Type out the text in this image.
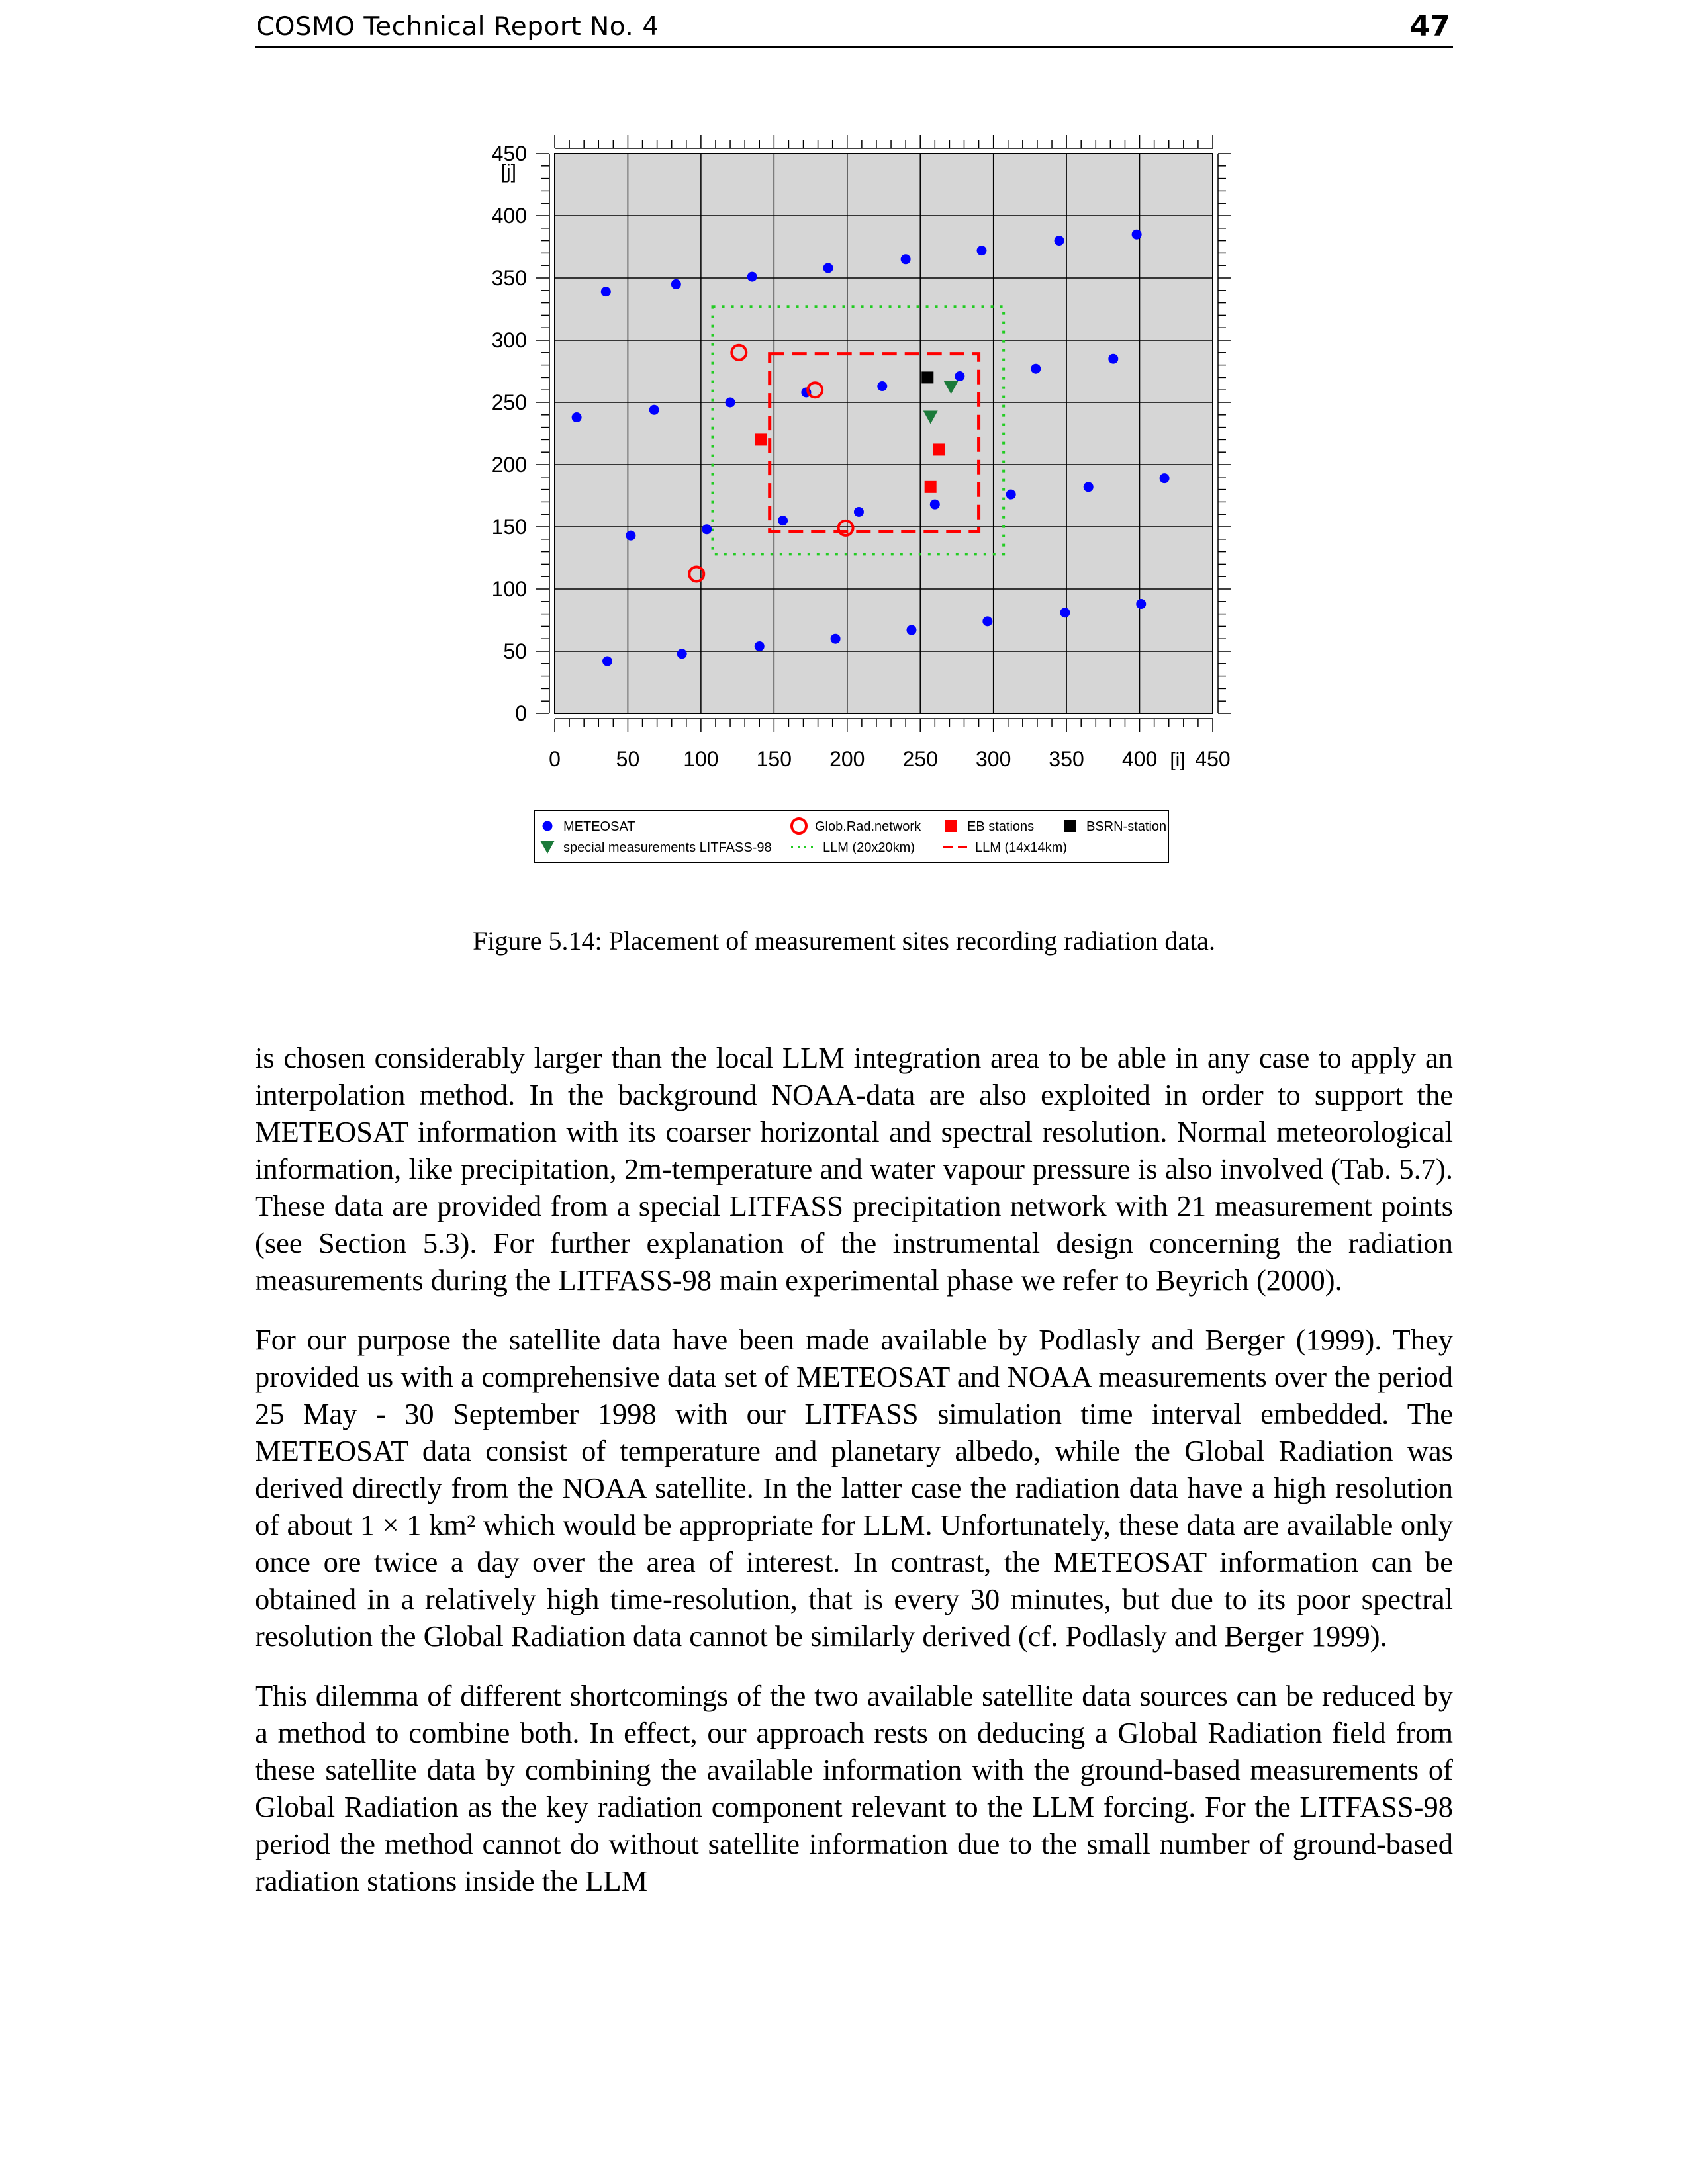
COSMO Technical Report No. 4	47
0	50 100 150 200 250 300 350 400 450
0
50
100
150
200
250
300
350
400
450
[i]
[j]
METEOSAT	Glob.Rad.network	EB stations	BSRN-station
special measurements LITFASS-98	LLM (20x20km)	LLM (14x14km)
Figure 5.14: Placement of measurement sites recording radiation data.

is chosen considerably larger than the local LLM integration area to be able in any case to apply an interpolation method. In the background NOAA-data are also exploited in order to support the METEOSAT information with its coarser horizontal and spectral resolution. Normal meteorological information, like precipitation, 2m-temperature and water vapour pressure is also involved (Tab. 5.7). These data are provided from a special LITFASS precipitation network with 21 measurement points (see Section 5.3). For further explanation of the instrumental design concerning the radiation measurements during the LITFASS-98 main experimental phase we refer to Beyrich (2000).

For our purpose the satellite data have been made available by Podlasly and Berger (1999). They provided us with a comprehensive data set of METEOSAT and NOAA measurements over the period 25 May - 30 September 1998 with our LITFASS simulation time interval embedded. The METEOSAT data consist of temperature and planetary albedo, while the Global Radiation was derived directly from the NOAA satellite. In the latter case the radiation data have a high resolution of about 1 × 1 km² which would be appropriate for LLM. Unfortunately, these data are available only once ore twice a day over the area of interest. In contrast, the METEOSAT information can be obtained in a relatively high time-resolution, that is every 30 minutes, but due to its poor spectral resolution the Global Radiation data cannot be similarly derived (cf. Podlasly and Berger 1999).

This dilemma of different shortcomings of the two available satellite data sources can be reduced by a method to combine both. In effect, our approach rests on deducing a Global Radiation field from these satellite data by combining the available information with the ground-based measurements of Global Radiation as the key radiation component relevant to the LLM forcing. For the LITFASS-98 period the method cannot do without satellite information due to the small number of ground-based radiation stations inside the LLM
